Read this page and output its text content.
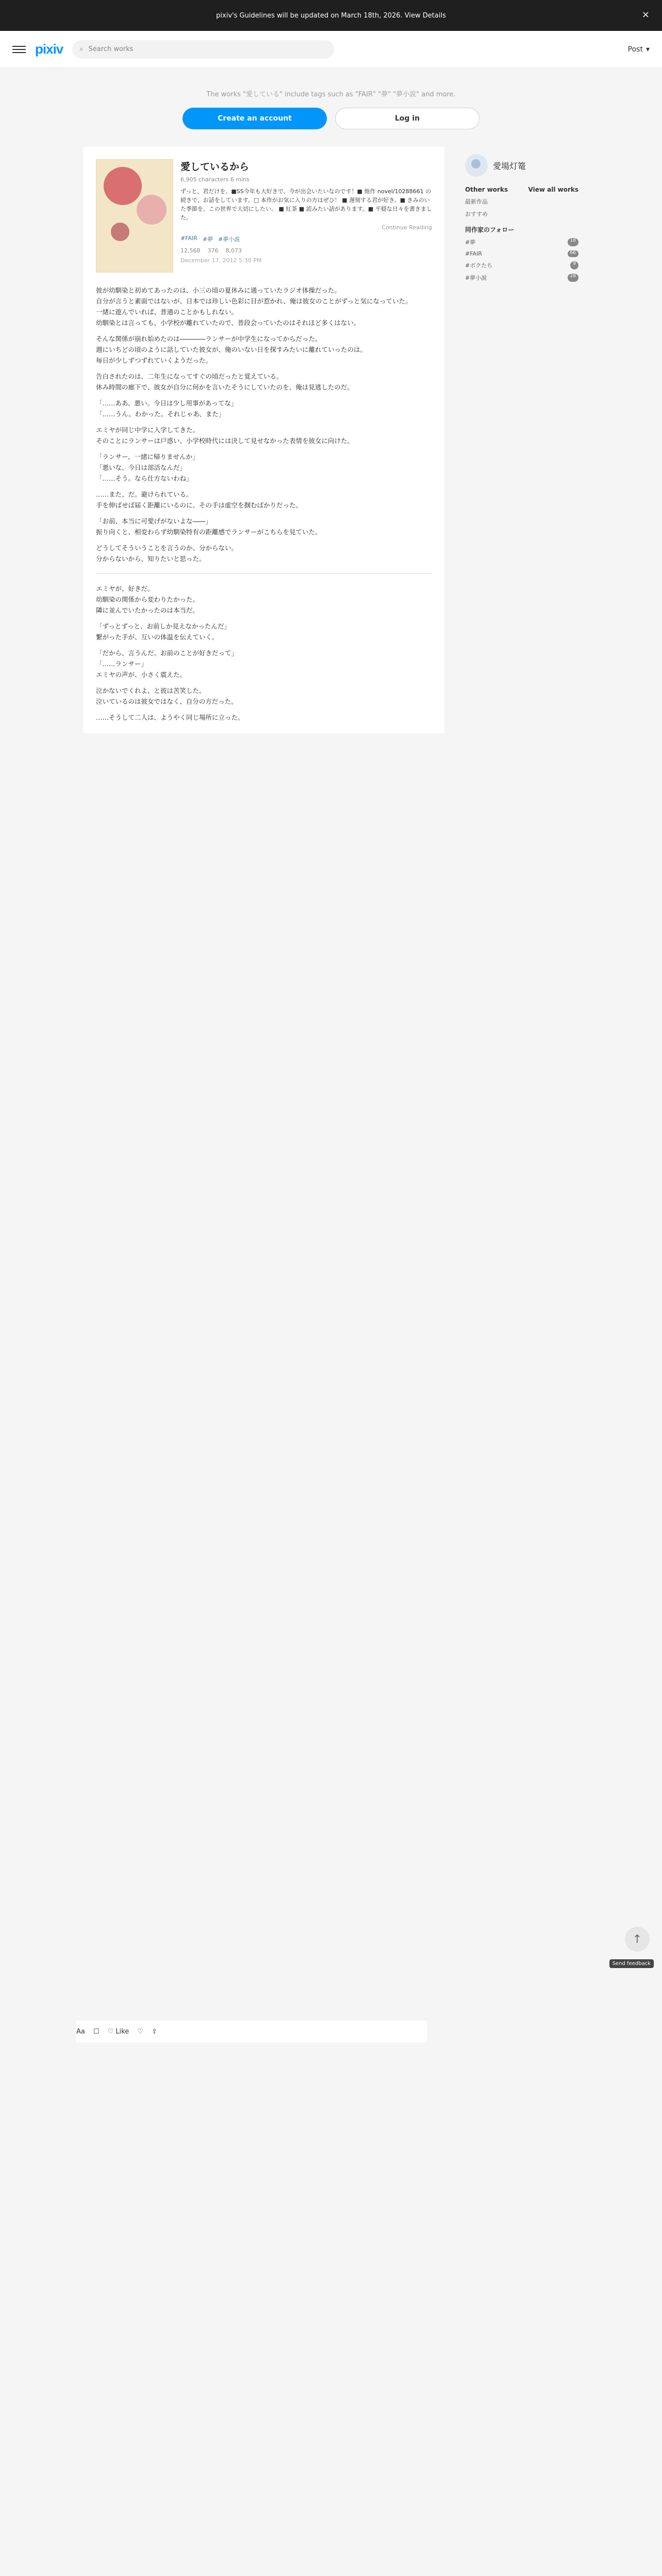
pixiv's Guidelines will be updated on March 18th, 2026. View Details	×
pixiv ⌕ Search works	Post ▾
The works "愛している" include tags such as "FAIR" "夢" "夢小説" and more.
Create an account	Log in
愛しているから
6,905 characters 6 mins
ずっと、君だけを。■SS今年も大好きで、今が出会いたいなのです！■ 他作 novel/10288661 の続きで、お話をしています。□ 本作がお気に入りの方はぜひ！ ■ 遅刻する君が好き。■ きみのいた季節を、この世界で大切にしたい。 ■ 紅茶 ■ 読みたい話があります。■ 平穏な日々を書きました。
Continue Reading
#FAIR #夢 #夢小説
12,568 376 8,073
December 17, 2012 5:30 PM

彼が幼馴染と初めてあったのは、小三の頃の夏休みに通っていたラジオ体操だった。
自分が言うと素面ではないが、日本では珍しい色彩に目が惹かれ、俺は彼女のことがずっと気になっていた。
一緒に遊んでいれば、普通のことかもしれない。
幼馴染とは言っても、小学校が離れていたので、普段会っていたのはそれほど多くはない。

そんな関係が崩れ始めたのは――――ランサーが中学生になってからだった。
週にいちどの頃のように話していた彼女が、俺のいない日を探すみたいに離れていったのは。
毎日が少しずつずれていくようだった。

告白されたのは、二年生になってすぐの頃だったと覚えている。
休み時間の廊下で、彼女が自分に何かを言いたそうにしていたのを、俺は見逃したのだ。

「……ああ、悪い。今日は少し用事があってな」
「……うん。わかった。それじゃあ、また」

エミヤが同じ中学に入学してきた。
そのことにランサーは戸惑い、小学校時代には決して見せなかった表情を彼女に向けた。

「ランサー、一緒に帰りませんか」
「悪いな、今日は部活なんだ」
「……そう。なら仕方ないわね」

……また、だ。避けられている。
手を伸ばせば届く距離にいるのに、その手は虚空を掴むばかりだった。

「お前、本当に可愛げがないよな――」
振り向くと、相変わらず幼馴染特有の距離感でランサーがこちらを見ていた。

どうしてそういうことを言うのか、分からない。
分からないから、知りたいと思った。

エミヤが、好きだ。
幼馴染の関係から変わりたかった。
隣に並んでいたかったのは本当だ。

「ずっとずっと、お前しか見えなかったんだ」
繋がった手が、互いの体温を伝えていく。

「だから、言うんだ。お前のことが好きだって」
「……ランサー」
エミヤの声が、小さく震えた。

泣かないでくれよ、と彼は苦笑した。
泣いているのは彼女ではなく、自分の方だった。

……そうして二人は、ようやく同じ場所に立った。

愛場灯篭
Other works	View all works
最新作品
おすすめ
同作家のフォロー
#夢	18
#FAIR	66
#ボクたち	9
#夢小説	28
Aa ☐ ♡ Like ♡ ⇪
↑
Send feedback
